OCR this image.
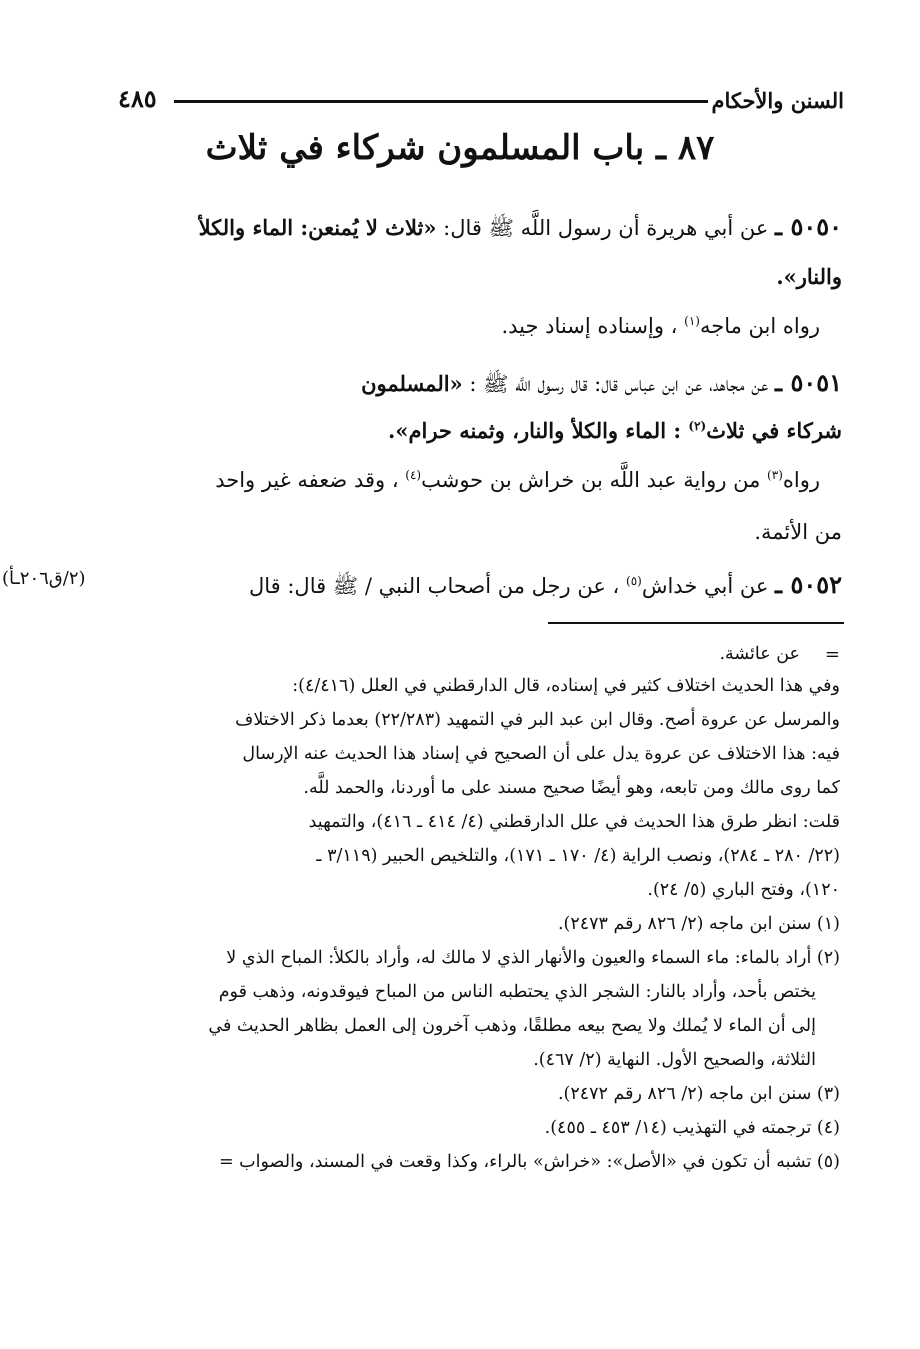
السنن والأحكام
٤٨٥
٨٧ ـ باب المسلمون شركاء في ثلاث
٥٠٥٠ ـ عن أبي هريرة أن رسول اللَّه ﷺ قال: «ثلاث لا يُمنعن: الماء والكلأ
والنار».
رواه ابن ماجه$^{(١)}$ ، وإسناده إسناد جيد.
٥٠٥١ ـ عن مجاهد، عن ابن عباس قال: قال رسول اللَّه ﷺ : «المسلمون
شركاء في ثلاث$^{(٢)}$ : الماء والكلأ والنار، وثمنه حرام».
رواه$^{(٣)}$ من رواية عبد اللَّه بن خراش بن حوشب$^{(٤)}$ ، وقد ضعفه غير واحد
من الأئمة.
٥٠٥٢ ـ عن أبي خداش$^{(٥)}$ ، عن رجل من أصحاب النبي / ﷺ قال: قال
(٢/ق٢٠٦ـأ)
=
عن عائشة.
وفي هذا الحديث اختلاف كثير في إسناده، قال الدارقطني في العلل (٤/٤١٦):
والمرسل عن عروة أصح. وقال ابن عبد البر في التمهيد (٢٢/٢٨٣) بعدما ذكر الاختلاف
فيه: هذا الاختلاف عن عروة يدل على أن الصحيح في إسناد هذا الحديث عنه الإرسال
كما روى مالك ومن تابعه، وهو أيضًا صحيح مسند على ما أوردنا، والحمد للَّه.
قلت: انظر طرق هذا الحديث في علل الدارقطني (٤/ ٤١٤ ـ ٤١٦)، والتمهيد
(٢٢/ ٢٨٠ ـ ٢٨٤)، ونصب الراية (٤/ ١٧٠ ـ ١٧١)، والتلخيص الحبير (٣/١١٩ ـ
١٢٠)، وفتح الباري (٥/ ٢٤).
(١) سنن ابن ماجه (٢/ ٨٢٦ رقم ٢٤٧٣).
(٢) أراد بالماء: ماء السماء والعيون والأنهار الذي لا مالك له، وأراد بالكلأ: المباح الذي لا
يختص بأحد، وأراد بالنار: الشجر الذي يحتطبه الناس من المباح فيوقدونه، وذهب قوم
إلى أن الماء لا يُملك ولا يصح بيعه مطلقًا، وذهب آخرون إلى العمل بظاهر الحديث في
الثلاثة، والصحيح الأول. النهاية (٢/ ٤٦٧).
(٣) سنن ابن ماجه (٢/ ٨٢٦ رقم ٢٤٧٢).
(٤) ترجمته في التهذيب (١٤/ ٤٥٣ ـ ٤٥٥).
(٥) تشبه أن تكون في «الأصل»: «خراش» بالراء، وكذا وقعت في المسند، والصواب =
